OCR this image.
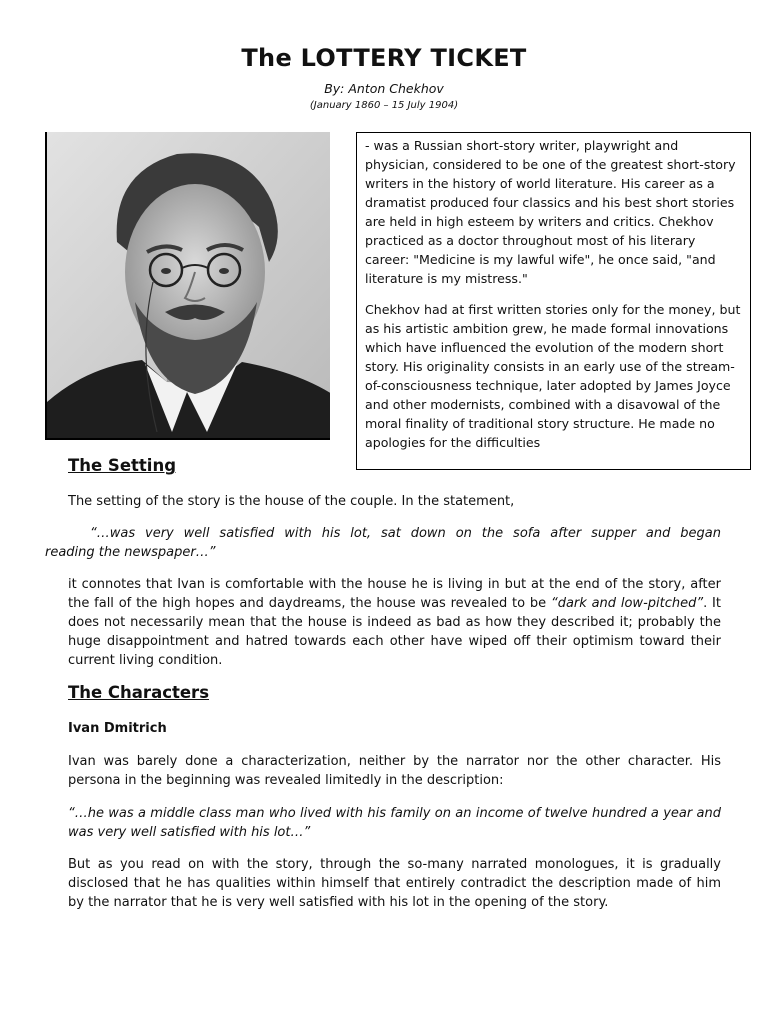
The LOTTERY TICKET
By: Anton Chekhov
(January 1860 – 15 July 1904)

- was a Russian short-story writer, playwright and physician, considered to be one of the greatest short-story writers in the history of world literature. His career as a dramatist produced four classics and his best short stories are held in high esteem by writers and critics. Chekhov practiced as a doctor throughout most of his literary career: "Medicine is my lawful wife", he once said, "and literature is my mistress."

Chekhov had at first written stories only for the money, but as his artistic ambition grew, he made formal innovations which have influenced the evolution of the modern short story. His originality consists in an early use of the stream-of-consciousness technique, later adopted by James Joyce and other modernists, combined with a disavowal of the moral finality of traditional story structure. He made no apologies for the difficulties

The Setting

The setting of the story is the house of the couple. In the statement,

“…was very well satisfied with his lot, sat down on the sofa after supper and began
reading the newspaper…”

it connotes that Ivan is comfortable with the house he is living in but at the end of the story, after the fall of the high hopes and daydreams, the house was revealed to be “dark and low-pitched”. It does not necessarily mean that the house is indeed as bad as how they described it; probably the huge disappointment and hatred towards each other have wiped off their optimism toward their current living condition.

The Characters
Ivan Dmitrich

Ivan was barely done a characterization, neither by the narrator nor the other character. His persona in the beginning was revealed limitedly in the description:

“…he was a middle class man who lived with his family on an income of twelve hundred a year and was very well satisfied with his lot…”

But as you read on with the story, through the so-many narrated monologues, it is gradually disclosed that he has qualities within himself that entirely contradict the description made of him by the narrator that he is very well satisfied with his lot in the opening of the story.
